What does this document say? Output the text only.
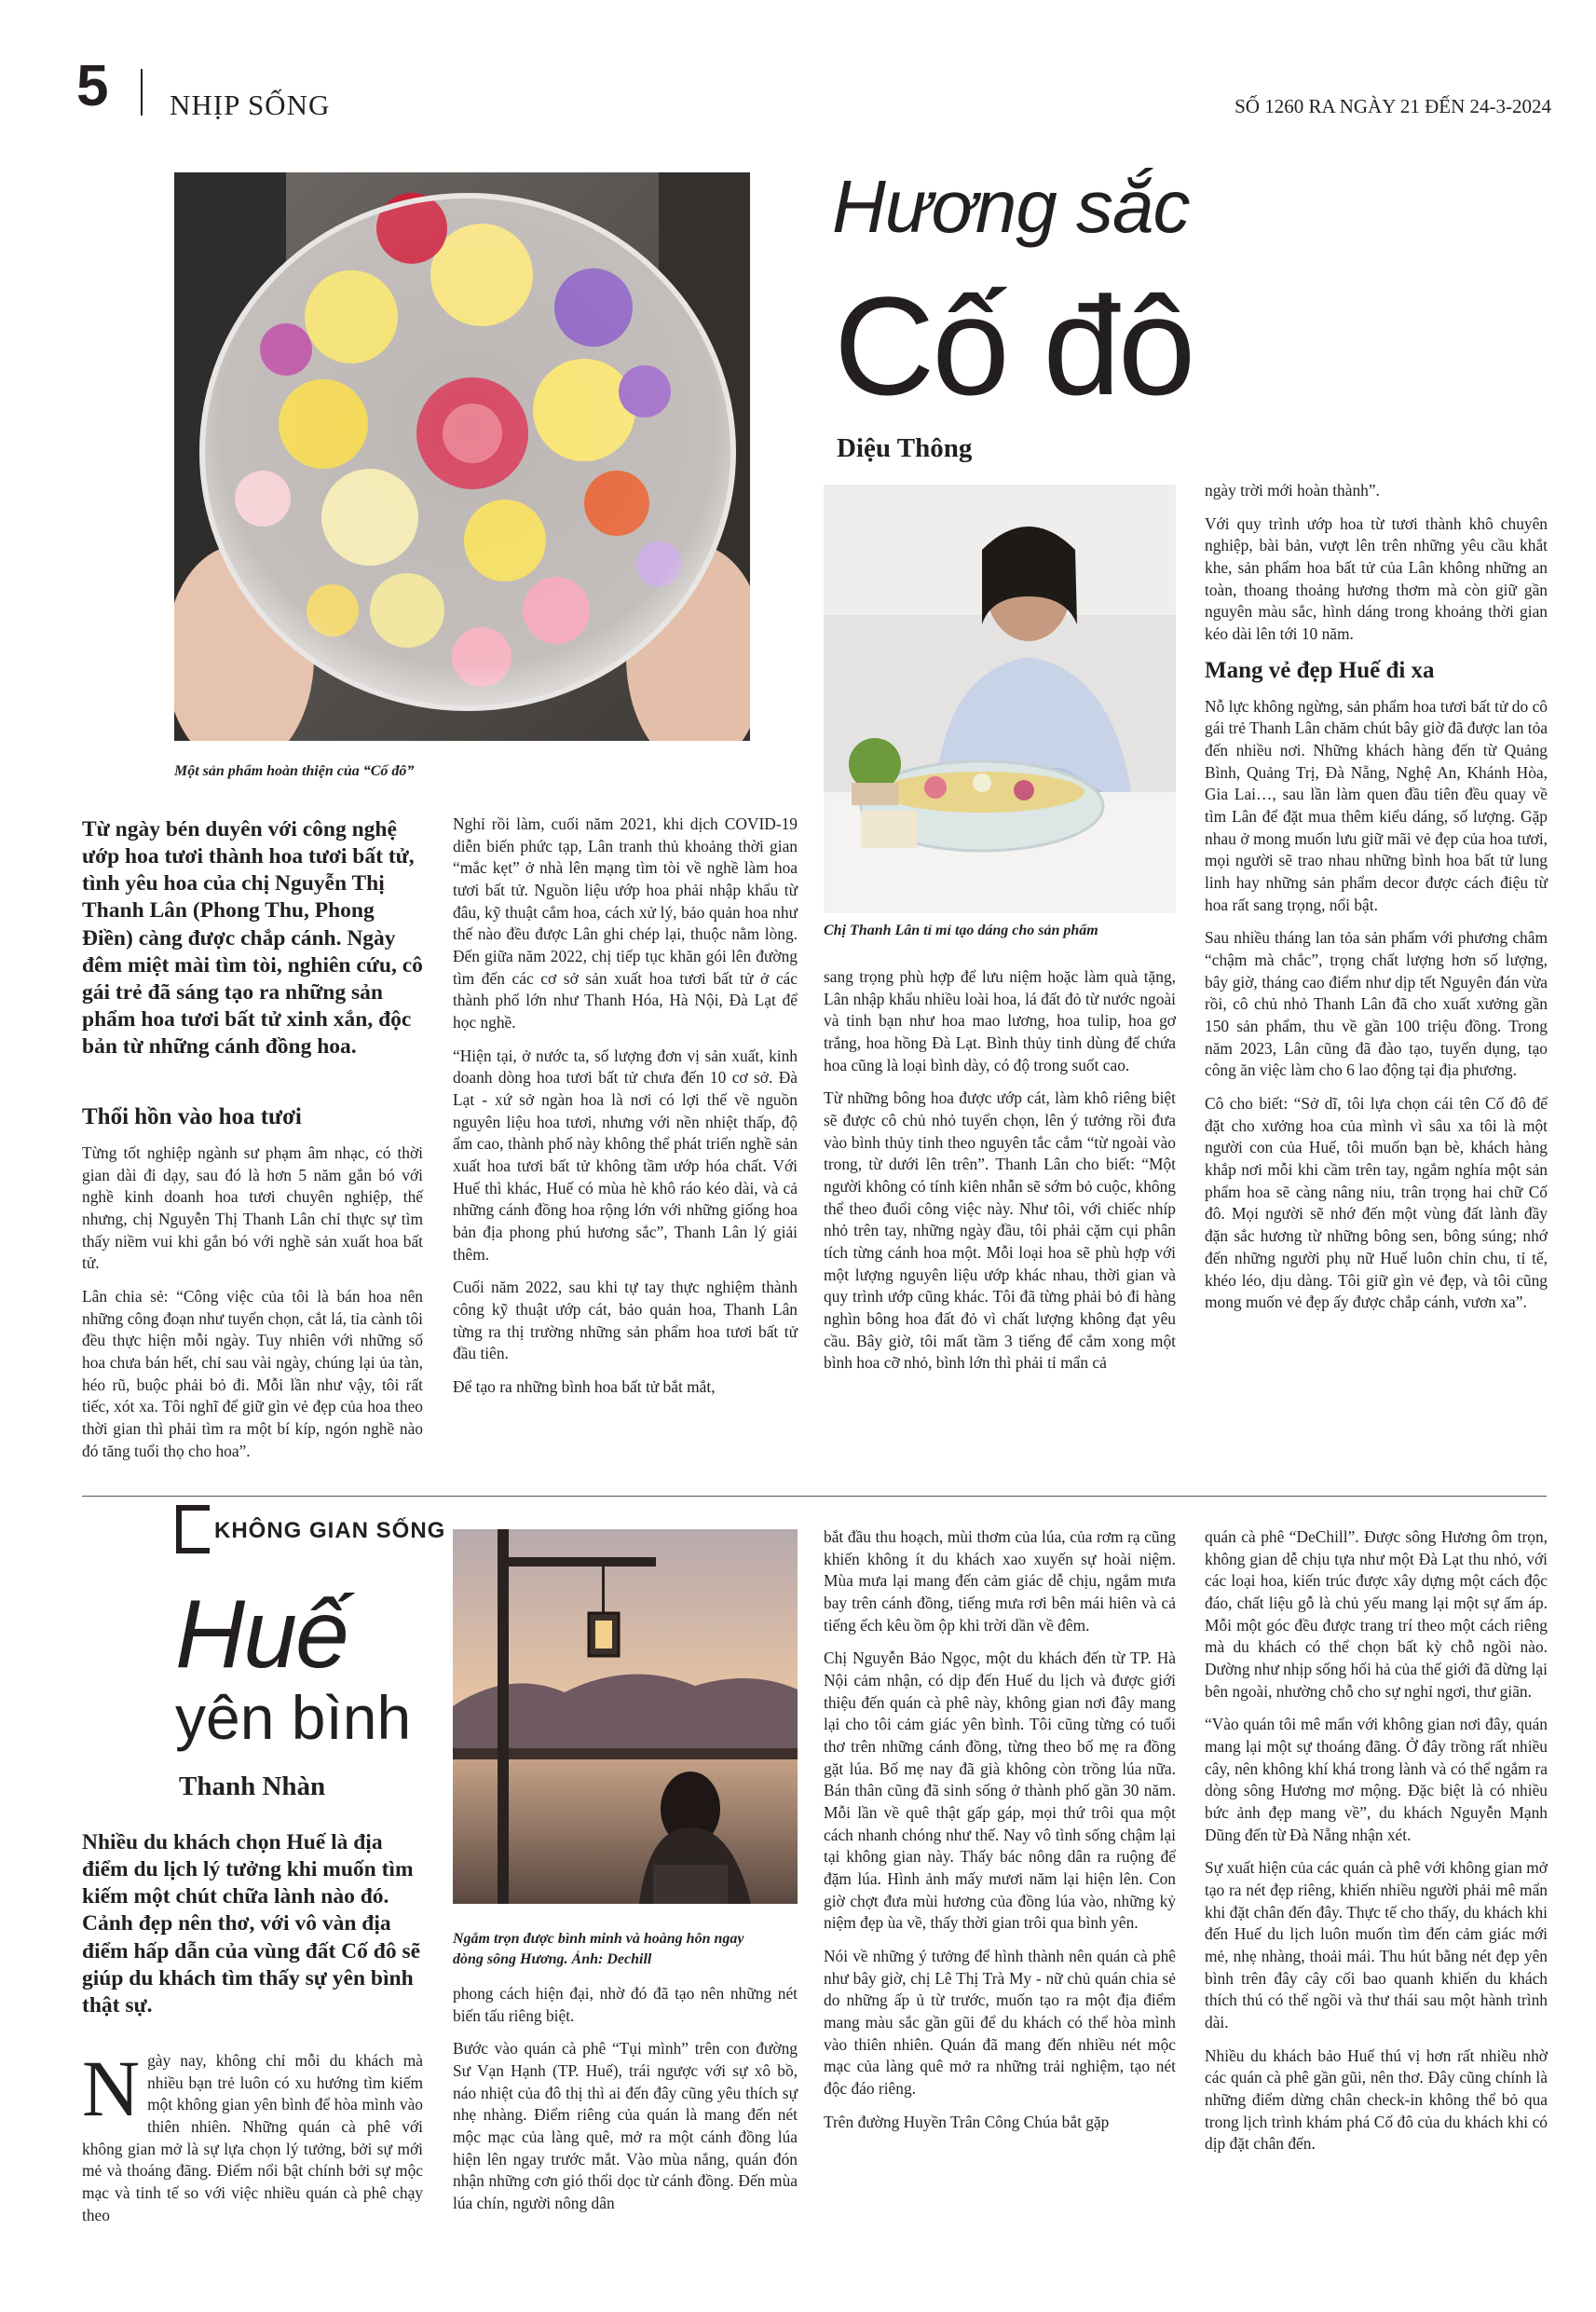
5 NHỊP SỐNG	SỐ 1260 RA NGÀY 21 ĐẾN 24-3-2024
Một sản phẩm hoàn thiện của “Cố đô”
Hương sắc
Cố đô
Diệu Thông
Chị Thanh Lân tỉ mỉ tạo dáng cho sản phẩm
Từ ngày bén duyên với công nghệ ướp hoa tươi thành hoa tươi bất tử, tình yêu hoa của chị Nguyễn Thị Thanh Lân (Phong Thu, Phong Điền) càng được chắp cánh. Ngày đêm miệt mài tìm tòi, nghiên cứu, cô gái trẻ đã sáng tạo ra những sản phẩm hoa tươi bất tử xinh xắn, độc bản từ những cánh đồng hoa.
Thổi hồn vào hoa tươi

Từng tốt nghiệp ngành sư phạm âm nhạc, có thời gian dài đi dạy, sau đó là hơn 5 năm gắn bó với nghề kinh doanh hoa tươi chuyên nghiệp, thế nhưng, chị Nguyễn Thị Thanh Lân chỉ thực sự tìm thấy niềm vui khi gắn bó với nghề sản xuất hoa bất tử.

Lân chia sẻ: “Công việc của tôi là bán hoa nên những công đoạn như tuyển chọn, cắt lá, tỉa cành tôi đều thực hiện mỗi ngày. Tuy nhiên với những số hoa chưa bán hết, chỉ sau vài ngày, chúng lại ủa tàn, héo rũ, buộc phải bỏ đi. Mỗi lần như vậy, tôi rất tiếc, xót xa. Tôi nghĩ để giữ gìn vẻ đẹp của hoa theo thời gian thì phải tìm ra một bí kíp, ngón nghề nào đó tăng tuổi thọ cho hoa”.

Nghỉ rồi làm, cuối năm 2021, khi dịch COVID-19 diễn biến phức tạp, Lân tranh thủ khoảng thời gian “mắc kẹt” ở nhà lên mạng tìm tòi về nghề làm hoa tươi bất tử. Nguồn liệu ướp hoa phải nhập khẩu từ đâu, kỹ thuật cắm hoa, cách xử lý, bảo quản hoa như thế nào đều được Lân ghi chép lại, thuộc nằm lòng. Đến giữa năm 2022, chị tiếp tục khăn gói lên đường tìm đến các cơ sở sản xuất hoa tươi bất tử ở các thành phố lớn như Thanh Hóa, Hà Nội, Đà Lạt để học nghề.

“Hiện tại, ở nước ta, số lượng đơn vị sản xuất, kinh doanh dòng hoa tươi bất tử chưa đến 10 cơ sở. Đà Lạt - xứ sở ngàn hoa là nơi có lợi thế về nguồn nguyên liệu hoa tươi, nhưng với nền nhiệt thấp, độ ẩm cao, thành phố này không thể phát triển nghề sản xuất hoa tươi bất tử không tầm ướp hóa chất. Với Huế thì khác, Huế có mùa hè khô ráo kéo dài, và cả những cánh đồng hoa rộng lớn với những giống hoa bản địa phong phú hương sắc”, Thanh Lân lý giải thêm.

Cuối năm 2022, sau khi tự tay thực nghiệm thành công kỹ thuật ướp cát, bảo quản hoa, Thanh Lân từng ra thị trường những sản phẩm hoa tươi bất tử đầu tiên.

Để tạo ra những bình hoa bất tử bắt mắt,

sang trọng phù hợp để lưu niệm hoặc làm quà tặng, Lân nhập khẩu nhiều loài hoa, lá đất đỏ từ nước ngoài và tinh bạn như hoa mao lương, hoa tulip, hoa gơ trắng, hoa hồng Đà Lạt. Bình thủy tinh dùng để chứa hoa cũng là loại bình dày, có độ trong suốt cao.

Từ những bông hoa được ướp cát, làm khô riêng biệt sẽ được cô chủ nhỏ tuyển chọn, lên ý tưởng rồi đưa vào bình thủy tinh theo nguyên tắc cắm “từ ngoài vào trong, từ dưới lên trên”. Thanh Lân cho biết: “Một người không có tính kiên nhẫn sẽ sớm bỏ cuộc, không thể theo đuổi công việc này. Như tôi, với chiếc nhíp nhỏ trên tay, những ngày đầu, tôi phải cặm cụi phân tích từng cánh hoa một. Mỗi loại hoa sẽ phù hợp với một lượng nguyên liệu ướp khác nhau, thời gian và quy trình ướp cũng khác. Tôi đã từng phải bỏ đi hàng nghìn bông hoa đất đỏ vì chất lượng không đạt yêu cầu. Bây giờ, tôi mất tầm 3 tiếng để cắm xong một bình hoa cỡ nhỏ, bình lớn thì phải tỉ mẩn cả

ngày trời mới hoàn thành”.

Với quy trình ướp hoa từ tươi thành khô chuyên nghiệp, bài bản, vượt lên trên những yêu cầu khắt khe, sản phẩm hoa bất tử của Lân không những an toàn, thoang thoảng hương thơm mà còn giữ gần nguyên màu sắc, hình dáng trong khoảng thời gian kéo dài lên tới 10 năm.

Mang vẻ đẹp Huế đi xa

Nỗ lực không ngừng, sản phẩm hoa tươi bất tử do cô gái trẻ Thanh Lân chăm chút bây giờ đã được lan tỏa đến nhiều nơi. Những khách hàng đến từ Quảng Bình, Quảng Trị, Đà Nẵng, Nghệ An, Khánh Hòa, Gia Lai…, sau lần làm quen đầu tiên đều quay về tìm Lân để đặt mua thêm kiểu dáng, số lượng. Gặp nhau ở mong muốn lưu giữ mãi vẻ đẹp của hoa tươi, mọi người sẽ trao nhau những bình hoa bất tử lung linh hay những sản phẩm decor được cách điệu từ hoa rất sang trọng, nổi bật.

Sau nhiều tháng lan tỏa sản phẩm với phương châm “chậm mà chắc”, trọng chất lượng hơn số lượng, bây giờ, tháng cao điểm như dịp tết Nguyên đán vừa rồi, cô chủ nhỏ Thanh Lân đã cho xuất xưởng gần 150 sản phẩm, thu về gần 100 triệu đồng. Trong năm 2023, Lân cũng đã đào tạo, tuyển dụng, tạo công ăn việc làm cho 6 lao động tại địa phương.

Cô cho biết: “Sở dĩ, tôi lựa chọn cái tên Cố đô để đặt cho xưởng hoa của mình vì sâu xa tôi là một người con của Huế, tôi muốn bạn bè, khách hàng khắp nơi mỗi khi cầm trên tay, ngắm nghía một sản phẩm hoa sẽ càng nâng niu, trân trọng hai chữ Cố đô. Mọi người sẽ nhớ đến một vùng đất lành đầy đặn sắc hương từ những bông sen, bông súng; nhớ đến những người phụ nữ Huế luôn chỉn chu, tỉ tế, khéo léo, dịu dàng. Tôi giữ gìn vẻ đẹp, và tôi cũng mong muốn vẻ đẹp ấy được chắp cánh, vươn xa”.

KHÔNG GIAN SỐNG
Huế
yên bình
Thanh Nhàn
Nhiều du khách chọn Huế là địa điểm du lịch lý tưởng khi muốn tìm kiếm một chút chữa lành nào đó. Cảnh đẹp nên thơ, với vô vàn địa điểm hấp dẫn của vùng đất Cố đô sẽ giúp du khách tìm thấy sự yên bình thật sự.
Ngắm trọn được bình minh và hoàng hôn ngay dòng sông Hương. Ảnh: Dechill
N gày nay, không chỉ mỗi du khách mà nhiều bạn trẻ luôn có xu hướng tìm kiếm một không gian yên bình để hòa mình vào thiên nhiên. Những quán cà phê với không gian mở là sự lựa chọn lý tưởng, bởi sự mới mẻ và thoáng đãng. Điểm nổi bật chính bởi sự mộc mạc và tinh tế so với việc nhiều quán cà phê chạy theo

phong cách hiện đại, nhờ đó đã tạo nên những nét biến tấu riêng biệt.

Bước vào quán cà phê “Tụi mình” trên con đường Sư Vạn Hạnh (TP. Huế), trái ngược với sự xô bồ, náo nhiệt của đô thị thì ai đến đây cũng yêu thích sự nhẹ nhàng. Điểm riêng của quán là mang đến nét mộc mạc của làng quê, mở ra một cánh đồng lúa hiện lên ngay trước mắt. Vào mùa nắng, quán đón nhận những cơn gió thổi dọc từ cánh đồng. Đến mùa lúa chín, người nông dân

bắt đầu thu hoạch, mùi thơm của lúa, của rơm rạ cũng khiến không ít du khách xao xuyến sự hoài niệm. Mùa mưa lại mang đến cảm giác dễ chịu, ngắm mưa bay trên cánh đồng, tiếng mưa rơi bên mái hiên và cả tiếng ếch kêu ồm ộp khi trời dần về đêm.

Chị Nguyễn Bảo Ngọc, một du khách đến từ TP. Hà Nội cảm nhận, có dịp đến Huế du lịch và được giới thiệu đến quán cà phê này, không gian nơi đây mang lại cho tôi cảm giác yên bình. Tôi cũng từng có tuổi thơ trên những cánh đồng, từng theo bố mẹ ra đồng gặt lúa. Bố mẹ nay đã già không còn trồng lúa nữa. Bán thân cũng đã sinh sống ở thành phố gần 30 năm. Mỗi lần về quê thật gấp gáp, mọi thứ trôi qua một cách nhanh chóng như thế. Nay vô tình sống chậm lại tại không gian này. Thấy bác nông dân ra ruộng để đặm lúa. Hình ảnh mấy mươi năm lại hiện lên. Con giờ chợt đưa mùi hương của đồng lúa vào, những kỷ niệm đẹp ùa về, thấy thời gian trôi qua bình yên.

Nói về những ý tưởng để hình thành nên quán cà phê như bây giờ, chị Lê Thị Trà My - nữ chủ quán chia sẻ do những ấp ủ từ trước, muốn tạo ra một địa điểm mang màu sắc gần gũi để du khách có thể hòa mình vào thiên nhiên. Quán đã mang đến nhiều nét mộc mạc của làng quê mở ra những trải nghiệm, tạo nét độc đáo riêng.

Trên đường Huyền Trân Công Chúa bắt gặp

quán cà phê “DeChill”. Được sông Hương ôm trọn, không gian dễ chịu tựa như một Đà Lạt thu nhỏ, với các loại hoa, kiến trúc được xây dựng một cách độc đáo, chất liệu gỗ là chủ yếu mang lại một sự ấm áp. Mỗi một góc đều được trang trí theo một cách riêng mà du khách có thể chọn bất kỳ chỗ ngồi nào. Dường như nhịp sống hối hả của thế giới đã dừng lại bên ngoài, nhường chỗ cho sự nghỉ ngơi, thư giãn.

“Vào quán tôi mê mẩn với không gian nơi đây, quán mang lại một sự thoáng đãng. Ở đây trồng rất nhiều cây, nên không khí khá trong lành và có thể ngắm ra dòng sông Hương mơ mộng. Đặc biệt là có nhiều bức ảnh đẹp mang về”, du khách Nguyễn Mạnh Dũng đến từ Đà Nẵng nhận xét.

Sự xuất hiện của các quán cà phê với không gian mở tạo ra nét đẹp riêng, khiến nhiều người phải mê mẩn khi đặt chân đến đây. Thực tế cho thấy, du khách khi đến Huế du lịch luôn muốn tìm đến cảm giác mới mẻ, nhẹ nhàng, thoải mái. Thu hút bằng nét đẹp yên bình trên đây cây cối bao quanh khiến du khách thích thú có thể ngồi và thư thái sau một hành trình dài.

Nhiều du khách bảo Huế thú vị hơn rất nhiều nhờ các quán cà phê gần gũi, nên thơ. Đây cũng chính là những điểm dừng chân check-in không thể bỏ qua trong lịch trình khám phá Cố đô của du khách khi có dịp đặt chân đến.
